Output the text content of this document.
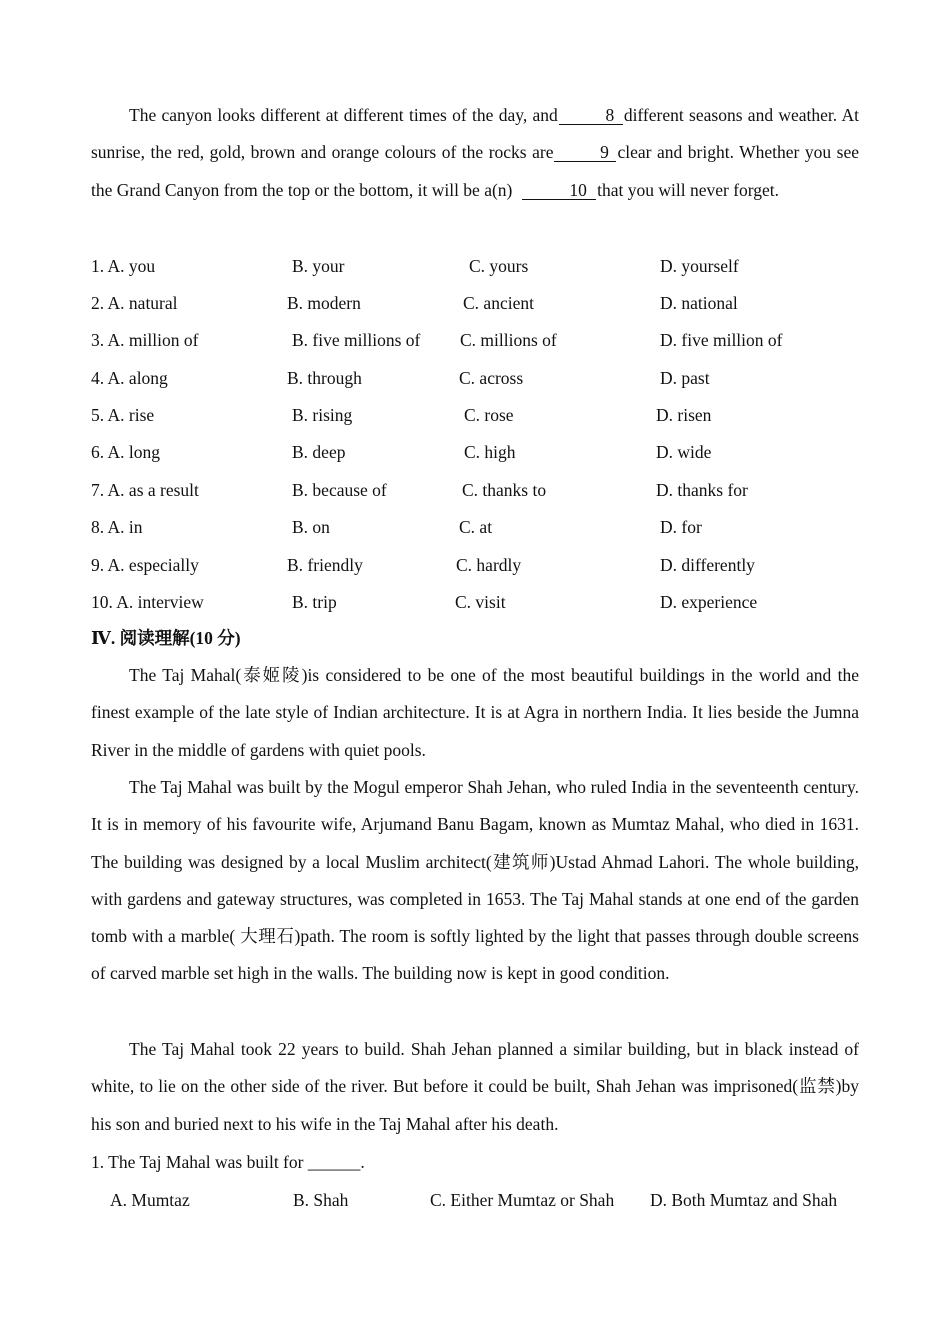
The canyon looks different at different times of the day, and	8 different seasons and weather. At sunrise, the red, gold, brown and orange colours of the rocks are	9 clear and bright. Whether you see the Grand Canyon from the top or the bottom, it will be a(n)	10 that you will never forget.
1. A. you	B. your	C. yours	D. yourself
2. A. natural	B. modern	C. ancient	D. national
3. A. million of	B. five millions of C. millions of	D. five million of
4. A. along	B. through	C. across	D. past
5. A. rise	B. rising	C. rose	D. risen
6. A. long	B. deep	C. high	D. wide
7. A. as a result	B. because of	C. thanks to	D. thanks for
8. A. in	B. on	C. at	D. for
9. A. especially	B. friendly	C. hardly	D. differently
10. A. interview	B. trip	C. visit	D. experience
Ⅳ. 阅读理解(10 分)
The Taj Mahal(泰姬陵)is considered to be one of the most beautiful buildings in the world and the finest example of the late style of Indian architecture. It is at Agra in northern India. It lies beside the Jumna River in the middle of gardens with quiet pools.
The Taj Mahal was built by the Mogul emperor Shah Jehan, who ruled India in the seventeenth century. It is in memory of his favourite wife, Arjumand Banu Bagam, known as Mumtaz Mahal, who died in 1631. The building was designed by a local Muslim architect(建筑师)Ustad Ahmad Lahori. The whole building, with gardens and gateway structures, was completed in 1653. The Taj Mahal stands at one end of the garden tomb with a marble( 大理石)path. The room is softly lighted by the light that passes through double screens of carved marble set high in the walls. The building now is kept in good condition.
The Taj Mahal took 22 years to build. Shah Jehan planned a similar building, but in black instead of white, to lie on the other side of the river. But before it could be built, Shah Jehan was imprisoned(监禁)by his son and buried next to his wife in the Taj Mahal after his death.
1. The Taj Mahal was built for ______.
A. Mumtaz	B. Shah	C. Either Mumtaz or Shah D. Both Mumtaz and Shah
